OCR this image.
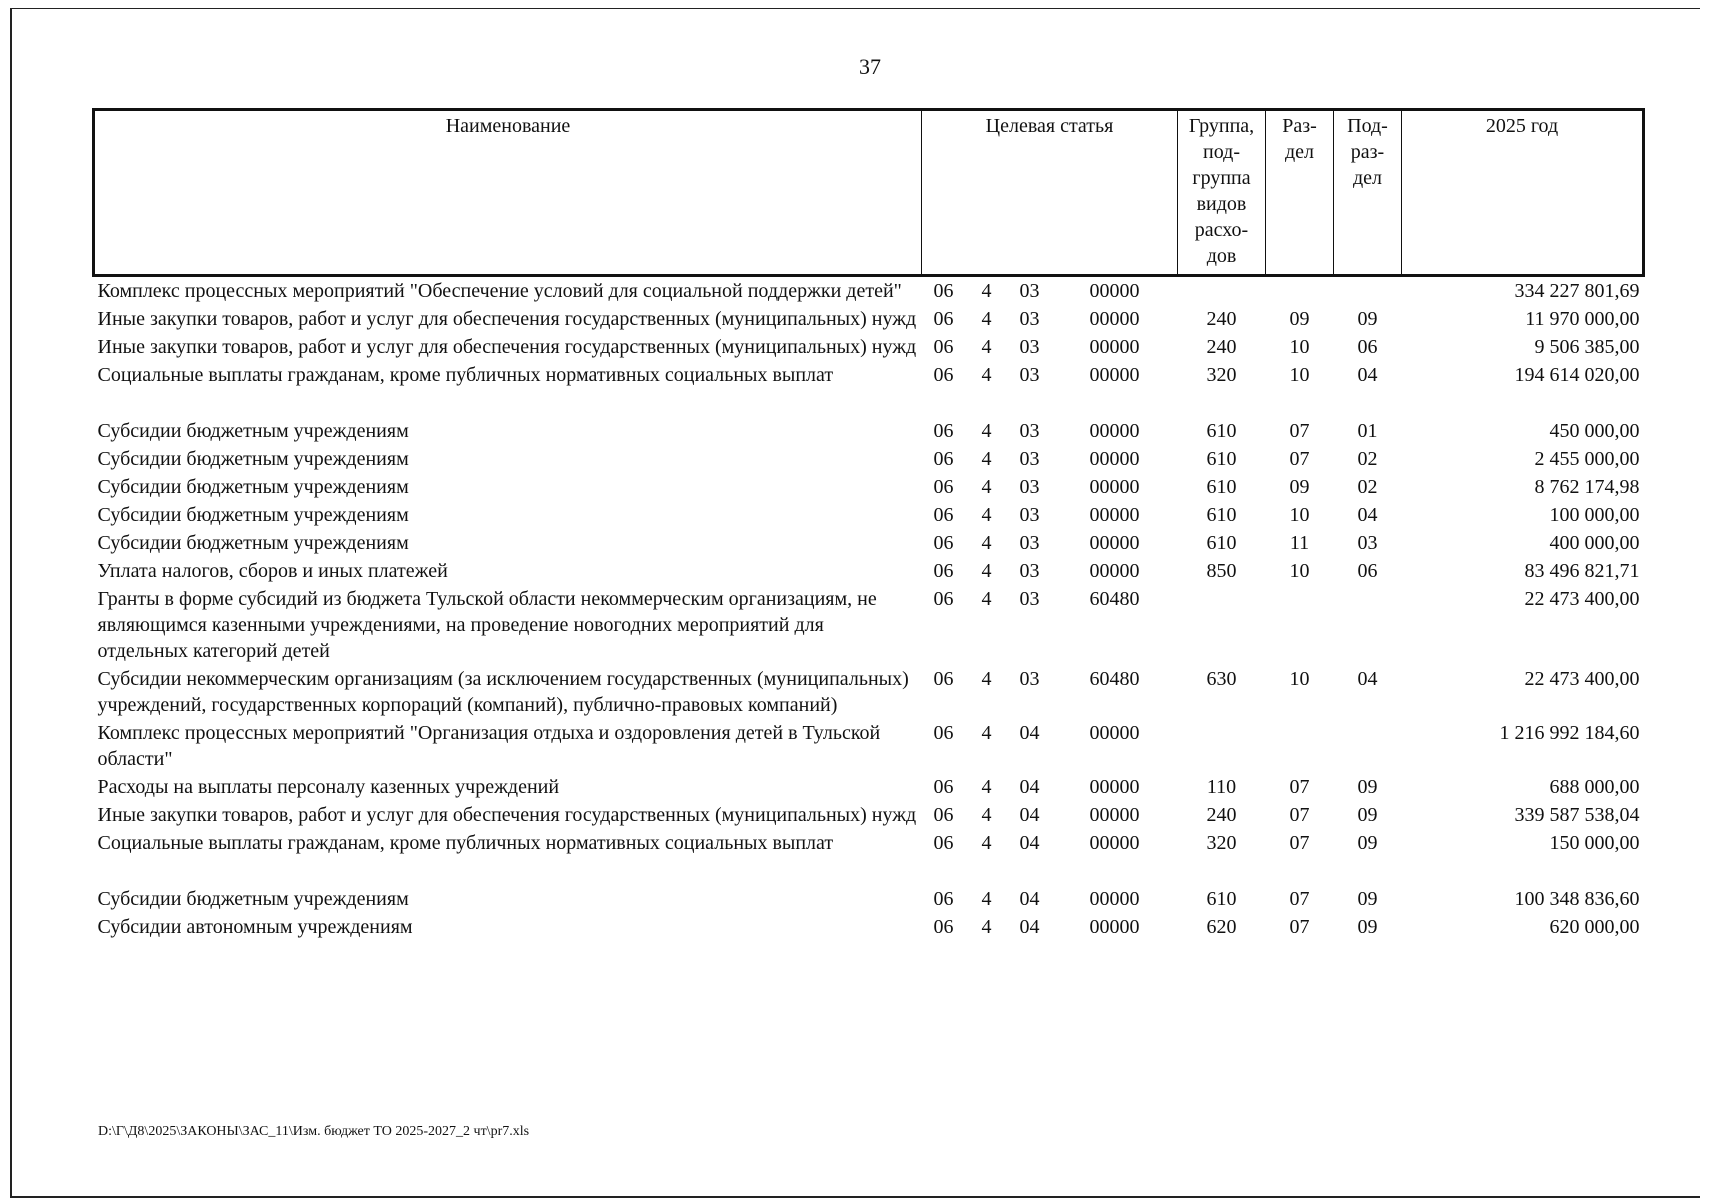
37
Наименование	Целевая статья	Группа, под-группа видов расхо-дов	Раз-дел	Под-раз-дел	2025 год
Комплекс процессных мероприятий "Обеспечение условий для социальной поддержки детей"	06 4 03 00000				334 227 801,69
Иные закупки товаров, работ и услуг для обеспечения государственных (муниципальных) нужд	06 4 03 00000	240	09	09	11 970 000,00
Иные закупки товаров, работ и услуг для обеспечения государственных (муниципальных) нужд	06 4 03 00000	240	10	06	9 506 385,00
Социальные выплаты гражданам, кроме публичных нормативных социальных выплат	06 4 03 00000	320	10	04	194 614 020,00

Субсидии бюджетным учреждениям	06 4 03 00000	610	07	01	450 000,00
Субсидии бюджетным учреждениям	06 4 03 00000	610	07	02	2 455 000,00
Субсидии бюджетным учреждениям	06 4 03 00000	610	09	02	8 762 174,98
Субсидии бюджетным учреждениям	06 4 03 00000	610	10	04	100 000,00
Субсидии бюджетным учреждениям	06 4 03 00000	610	11	03	400 000,00
Уплата налогов, сборов и иных платежей	06 4 03 00000	850	10	06	83 496 821,71
Гранты в форме субсидий из бюджета Тульской области некоммерческим организациям, не являющимся казенными учреждениями, на проведение новогодних мероприятий для отдельных категорий детей	06 4 03 60480				22 473 400,00
Субсидии некоммерческим организациям (за исключением государственных (муниципальных) учреждений, государственных корпораций (компаний), публично-правовых компаний)	06 4 03 60480	630	10	04	22 473 400,00
Комплекс процессных мероприятий "Организация отдыха и оздоровления детей в Тульской области"	06 4 04 00000				1 216 992 184,60
Расходы на выплаты персоналу казенных учреждений	06 4 04 00000	110	07	09	688 000,00
Иные закупки товаров, работ и услуг для обеспечения государственных (муниципальных) нужд	06 4 04 00000	240	07	09	339 587 538,04
Социальные выплаты гражданам, кроме публичных нормативных социальных выплат	06 4 04 00000	320	07	09	150 000,00

Субсидии бюджетным учреждениям	06 4 04 00000	610	07	09	100 348 836,60
Субсидии автономным учреждениям	06 4 04 00000	620	07	09	620 000,00
D:\Г\Д8\2025\ЗАКОНЫ\ЗАС_11\Изм. бюджет ТО 2025-2027_2 чт\pr7.xls
